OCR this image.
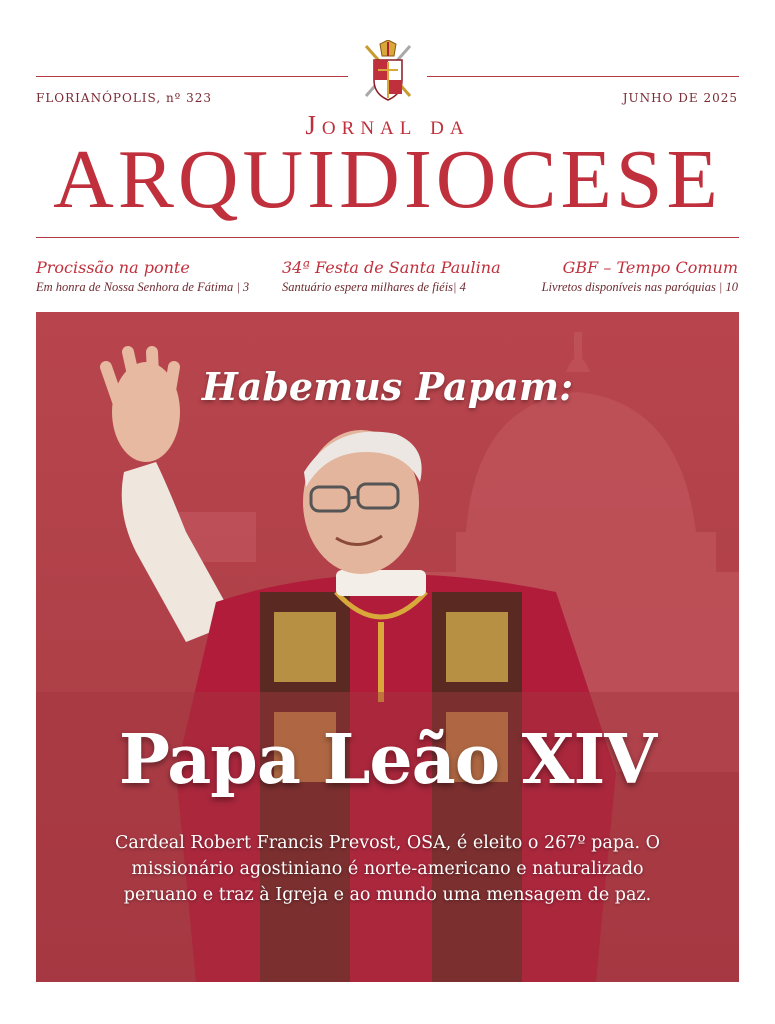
FLORIANÓPOLIS, nº 323	JUNHO DE 2025
Jornal da
ARQUIDIOCESE
Procissão na ponte
Em honra de Nossa Senhora de Fátima | 3
34ª Festa de Santa Paulina
Santuário espera milhares de fiéis| 4
GBF – Tempo Comum
Livretos disponíveis nas paróquias | 10
Habemus Papam:
Papa Leão XIV
Cardeal Robert Francis Prevost, OSA, é eleito o 267º papa. O missionário agostiniano é norte-americano e naturalizado peruano e traz à Igreja e ao mundo uma mensagem de paz.
